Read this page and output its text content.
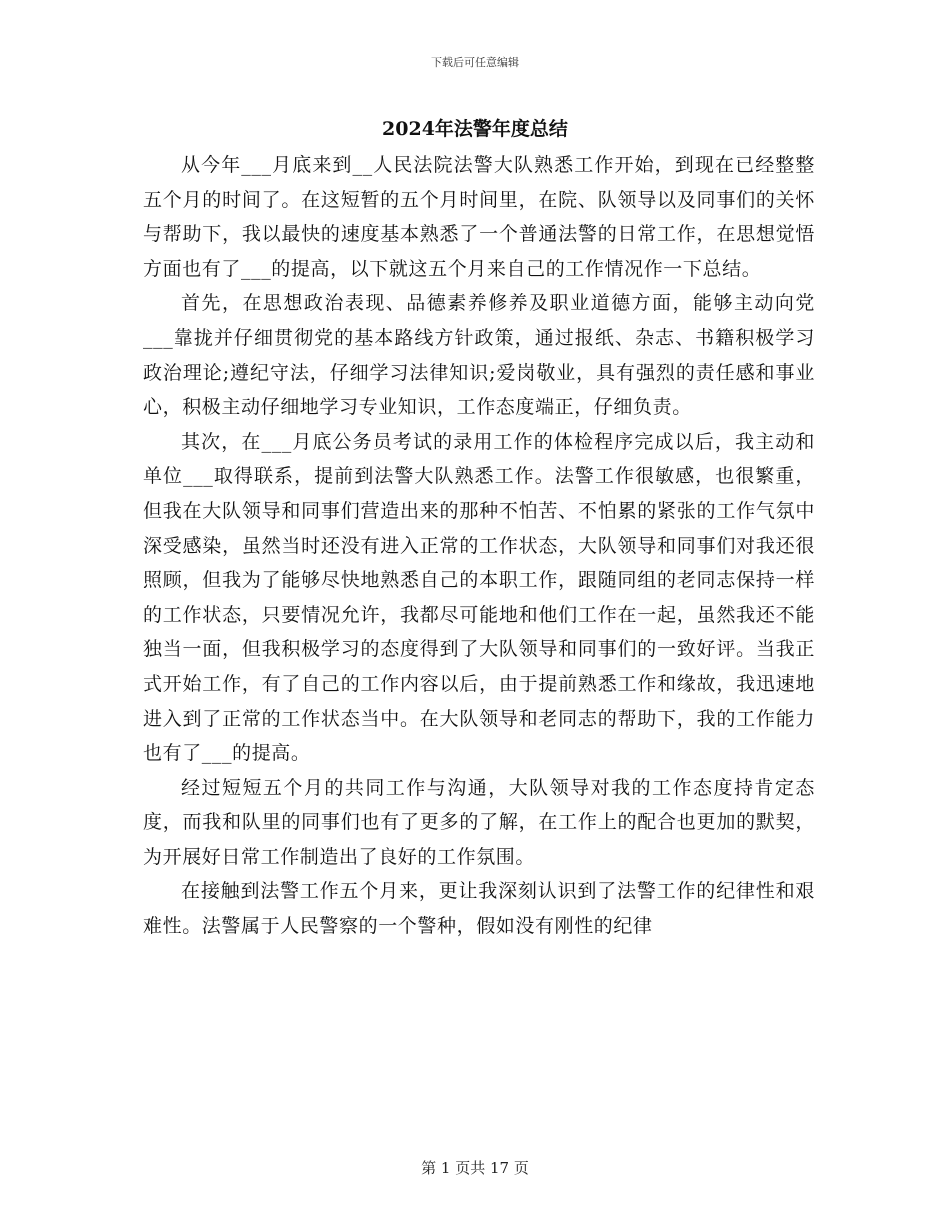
下载后可任意编辑
2024年法警年度总结

从今年___月底来到__人民法院法警大队熟悉工作开始，到现在已经整整五个月的时间了。在这短暂的五个月时间里，在院、队领导以及同事们的关怀与帮助下，我以最快的速度基本熟悉了一个普通法警的日常工作，在思想觉悟方面也有了___的提高，以下就这五个月来自己的工作情况作一下总结。

首先，在思想政治表现、品德素养修养及职业道德方面，能够主动向党___靠拢并仔细贯彻党的基本路线方针政策，通过报纸、杂志、书籍积极学习政治理论;遵纪守法，仔细学习法律知识;爱岗敬业，具有强烈的责任感和事业心，积极主动仔细地学习专业知识，工作态度端正，仔细负责。

其次，在___月底公务员考试的录用工作的体检程序完成以后，我主动和单位___取得联系，提前到法警大队熟悉工作。法警工作很敏感，也很繁重，但我在大队领导和同事们营造出来的那种不怕苦、不怕累的紧张的工作气氛中深受感染，虽然当时还没有进入正常的工作状态，大队领导和同事们对我还很照顾，但我为了能够尽快地熟悉自己的本职工作，跟随同组的老同志保持一样的工作状态，只要情况允许，我都尽可能地和他们工作在一起，虽然我还不能独当一面，但我积极学习的态度得到了大队领导和同事们的一致好评。当我正式开始工作，有了自己的工作内容以后，由于提前熟悉工作和缘故，我迅速地进入到了正常的工作状态当中。在大队领导和老同志的帮助下，我的工作能力也有了___的提高。

经过短短五个月的共同工作与沟通，大队领导对我的工作态度持肯定态度，而我和队里的同事们也有了更多的了解，在工作上的配合也更加的默契，为开展好日常工作制造出了良好的工作氛围。

在接触到法警工作五个月来，更让我深刻认识到了法警工作的纪律性和艰难性。法警属于人民警察的一个警种，假如没有刚性的纪律

第 1 页共 17 页
